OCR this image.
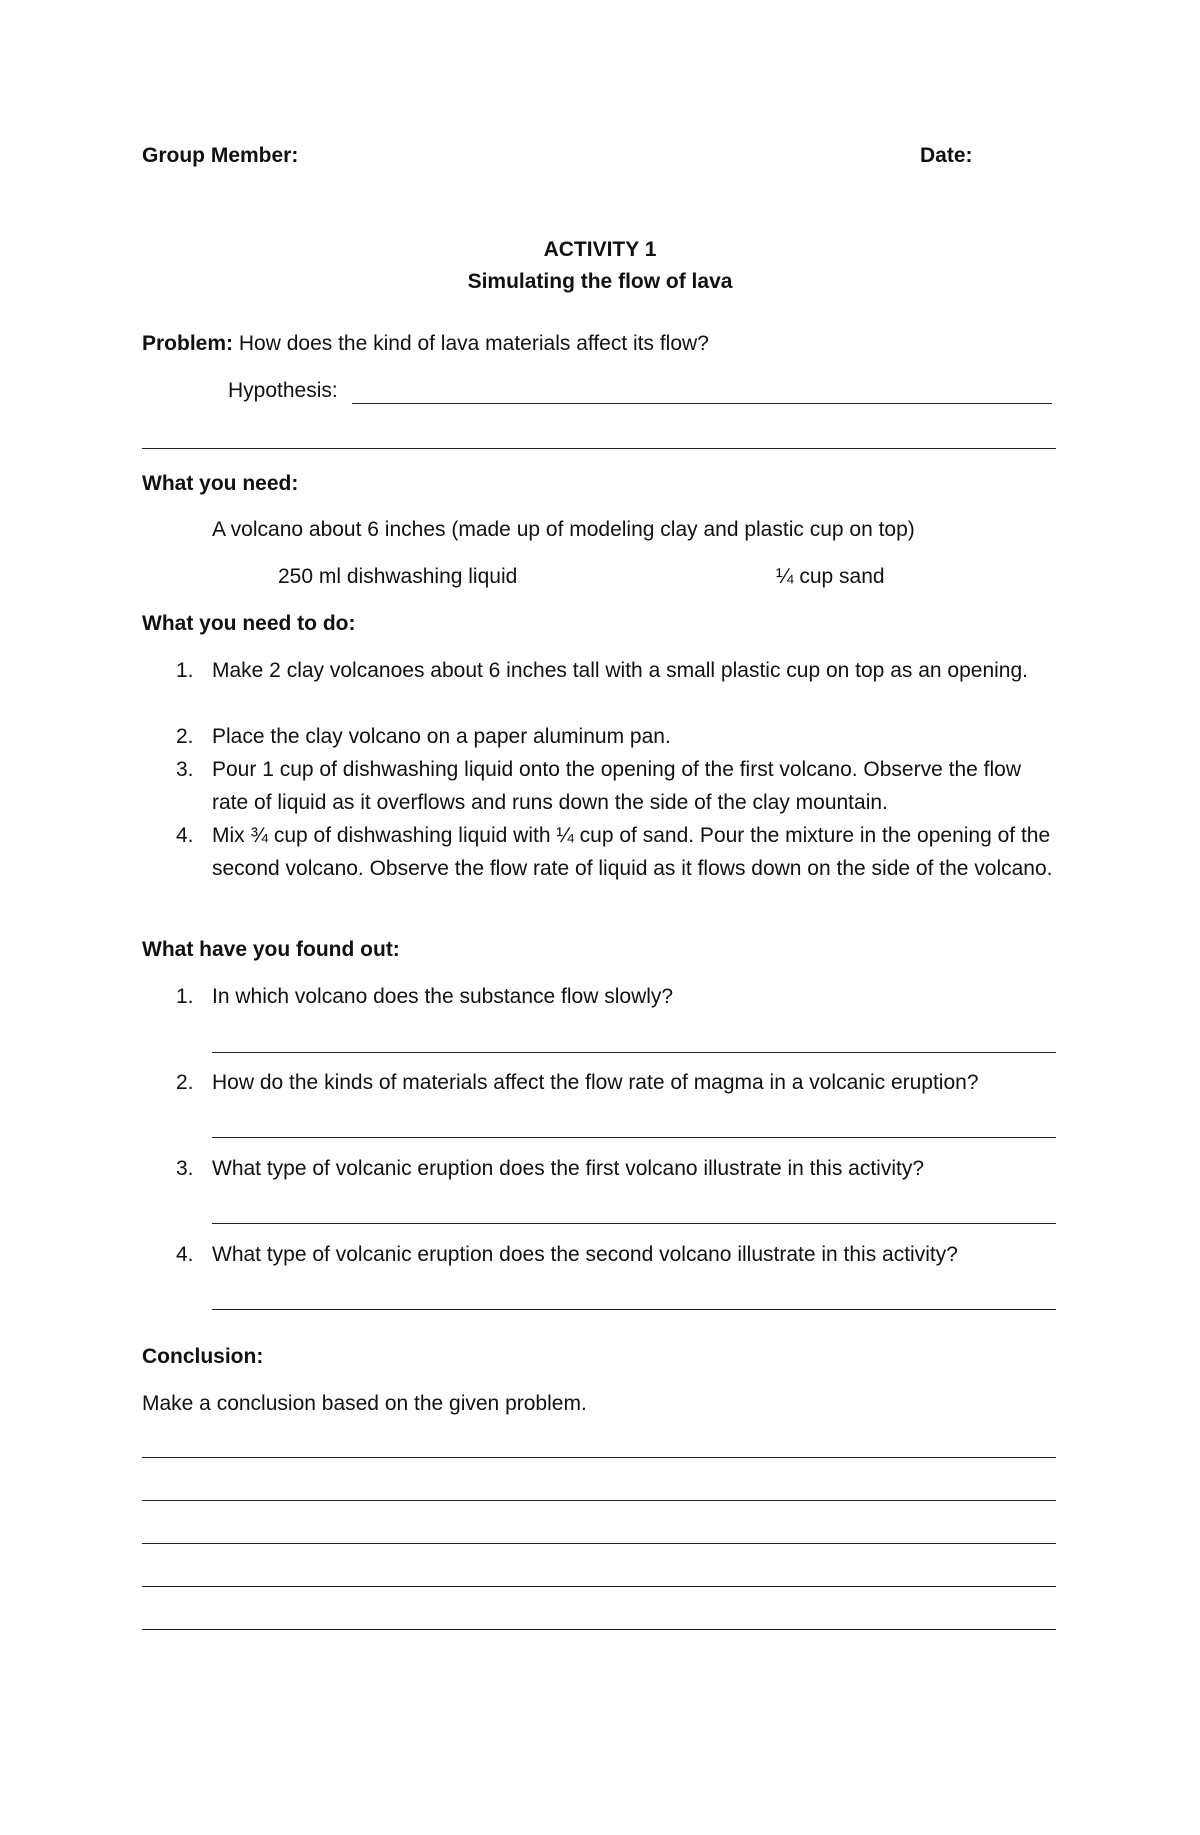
Group Member:	Date:
ACTIVITY 1
Simulating the flow of lava
Problem: How does the kind of lava materials affect its flow?
Hypothesis:
What you need:
A volcano about 6 inches (made up of modeling clay and plastic cup on top)
250 ml dishwashing liquid	¼ cup sand
What you need to do:
1. Make 2 clay volcanoes about 6 inches tall with a small plastic cup on top as an opening.
2. Place the clay volcano on a paper aluminum pan.
3. Pour 1 cup of dishwashing liquid onto the opening of the first volcano. Observe the flow rate of liquid as it overflows and runs down the side of the clay mountain.
4. Mix ¾ cup of dishwashing liquid with ¼ cup of sand. Pour the mixture in the opening of the second volcano. Observe the flow rate of liquid as it flows down on the side of the volcano.
What have you found out:
1. In which volcano does the substance flow slowly?
2. How do the kinds of materials affect the flow rate of magma in a volcanic eruption?
3. What type of volcanic eruption does the first volcano illustrate in this activity?
4. What type of volcanic eruption does the second volcano illustrate in this activity?
Conclusion:
Make a conclusion based on the given problem.
